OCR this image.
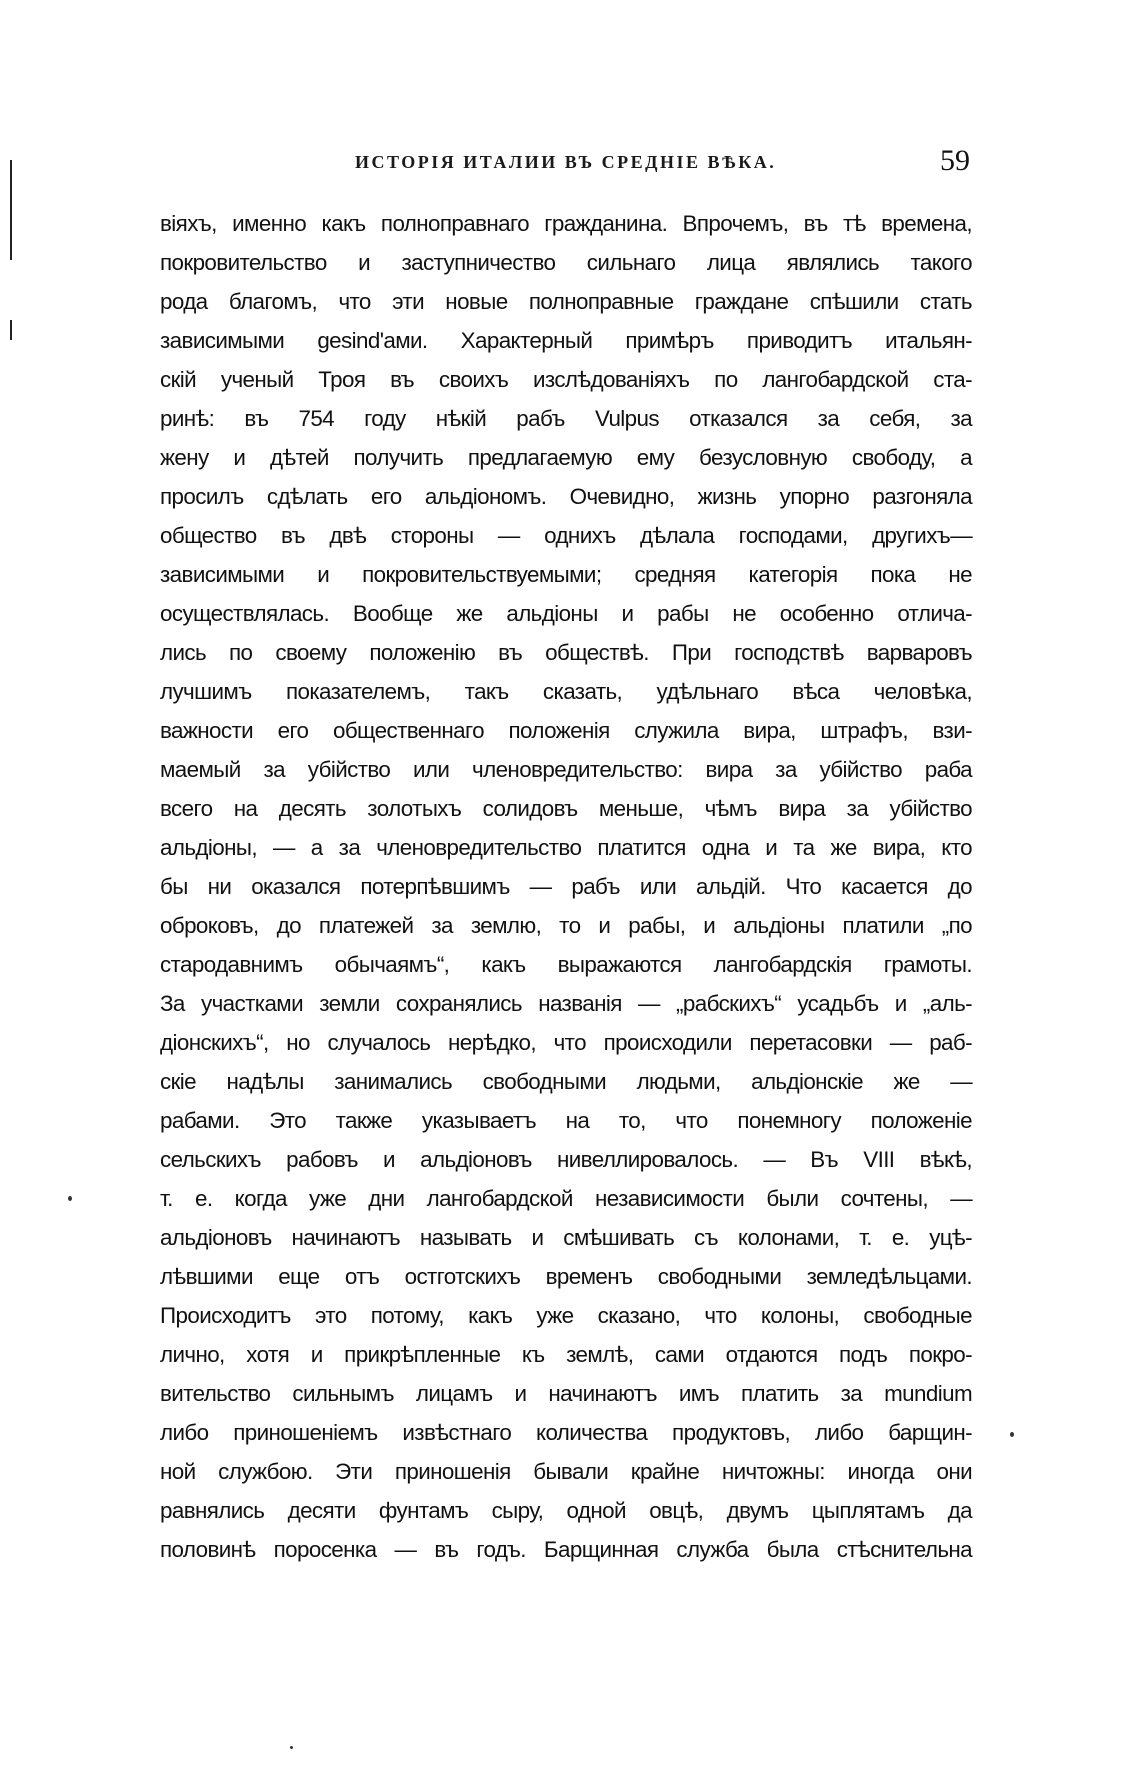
ИСТОРІЯ ИТАЛИИ ВЪ СРЕДНІЕ ВѢКА.	59
віяхъ, именно какъ полноправнаго гражданина. Впрочемъ, въ тѣ времена,
покровительство и заступничество сильнаго лица являлись такого
рода благомъ, что эти новые полноправные граждане спѣшили стать
зависимыми gesind'ами. Характерный примѣръ приводитъ итальян-
скій ученый Троя въ своихъ изслѣдованіяхъ по лангобардской ста-
ринѣ: въ 754 году нѣкій рабъ Vulpus отказался за себя, за
жену и дѣтей получить предлагаемую ему безусловную свободу, а
просилъ сдѣлать его альдіономъ. Очевидно, жизнь упорно разгоняла
общество въ двѣ стороны — однихъ дѣлала господами, другихъ—
зависимыми и покровительствуемыми; средняя категорія пока не
осуществлялась. Вообще же альдіоны и рабы не особенно отлича-
лись по своему положенію въ обществѣ. При господствѣ варваровъ
лучшимъ показателемъ, такъ сказать, удѣльнаго вѣса человѣка,
важности его общественнаго положенія служила вира, штрафъ, взи-
маемый за убійство или членовредительство: вира за убійство раба
всего на десять золотыхъ солидовъ меньше, чѣмъ вира за убійство
альдіоны, — а за членовредительство платится одна и та же вира, кто
бы ни оказался потерпѣвшимъ — рабъ или альдій. Что касается до
оброковъ, до платежей за землю, то и рабы, и альдіоны платили „по
стародавнимъ обычаямъ“, какъ выражаются лангобардскія грамоты.
За участками земли сохранялись названія — „рабскихъ“ усадьбъ и „аль-
діонскихъ“, но случалось нерѣдко, что происходили перетасовки — раб-
скіе надѣлы занимались свободными людьми, альдіонскіе же —
рабами. Это также указываетъ на то, что понемногу положеніе
сельскихъ рабовъ и альдіоновъ нивеллировалось. — Въ VIII вѣкѣ,
т. е. когда уже дни лангобардской независимости были сочтены, —
альдіоновъ начинаютъ называть и смѣшивать съ колонами, т. е. уцѣ-
лѣвшими еще отъ остготскихъ временъ свободными земледѣльцами.
Происходитъ это потому, какъ уже сказано, что колоны, свободные
лично, хотя и прикрѣпленные къ землѣ, сами отдаются подъ покро-
вительство сильнымъ лицамъ и начинаютъ имъ платить за mundium
либо приношеніемъ извѣстнаго количества продуктовъ, либо барщин-
ной службою. Эти приношенія бывали крайне ничтожны: иногда они
равнялись десяти фунтамъ сыру, одной овцѣ, двумъ цыплятамъ да
половинѣ поросенка — въ годъ. Барщинная служба была стѣснительна
